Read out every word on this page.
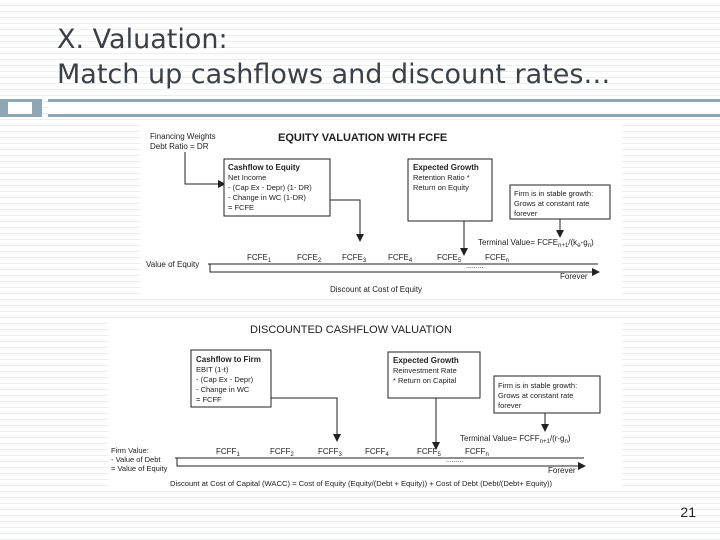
X. Valuation:
Match up cashflows and discount rates…
Financing Weights
Debt Ratio = DR
EQUITY VALUATION WITH FCFE
Cashflow to Equity
Net Income
- (Cap Ex - Depr) (1- DR)
- Change in WC (1-DR)
= FCFE
Expected Growth
Retention Ratio *
Return on Equity
Firm is in stable growth:
Grows at constant rate
forever
Terminal Value= $FCFE_{n+1}/(k_e-g_n)$
Value of Equity
$FCFE_1$	$FCFE_2$	$FCFE_3$	$FCFE_4$	$FCFE_5$	$FCFE_n$
.........
Forever
Discount at Cost of Equity
DISCOUNTED CASHFLOW VALUATION
Cashflow to Firm
EBIT (1-t)
- (Cap Ex - Depr)
- Change in WC
= FCFF
Expected Growth
Reinvestment Rate
* Return on Capital
Firm is in stable growth:
Grows at constant rate
forever
Terminal Value= $FCFF_{n+1}/(r-g_n)$
Firm Value:
- Value of Debt
= Value of Equity
$FCFF_1$	$FCFF_2$	$FCFF_3$	$FCFF_4$	$FCFF_5$	$FCFF_n$
.........
Forever
Discount at Cost of Capital (WACC) = Cost of Equity (Equity/(Debt + Equity)) + Cost of Debt (Debt/(Debt+ Equity))
21
